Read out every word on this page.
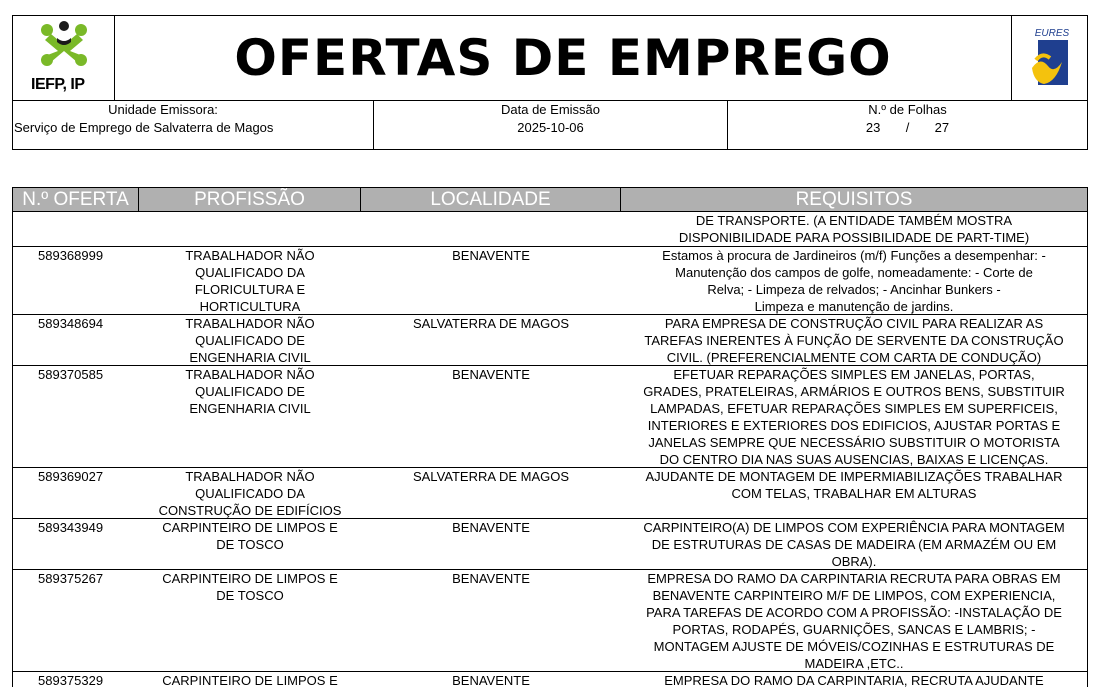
IEFP, IP	OFERTAS DE EMPREGO	EURES
Unidade Emissora:
Serviço de Emprego de Salvaterra de Magos
Data de Emissão
2025-10-06
N.º de Folhas
23 / 27
N.º OFERTA	PROFISSÃO	LOCALIDADE	REQUISITOS
DE TRANSPORTE. (A ENTIDADE TAMBÉM MOSTRA
DISPONIBILIDADE PARA POSSIBILIDADE DE PART-TIME)
589368999	TRABALHADOR NÃO
QUALIFICADO DA
FLORICULTURA E
HORTICULTURA
BENAVENTE	Estamos à procura de Jardineiros (m/f) Funções a desempenhar: -
Manutenção dos campos de golfe, nomeadamente: - Corte de
Relva; - Limpeza de relvados; - Ancinhar Bunkers -
Limpeza e manutenção de jardins.
589348694	TRABALHADOR NÃO
QUALIFICADO DE
ENGENHARIA CIVIL
SALVATERRA DE MAGOS	PARA EMPRESA DE CONSTRUÇÃO CIVIL PARA REALIZAR AS
TAREFAS INERENTES À FUNÇÃO DE SERVENTE DA CONSTRUÇÃO
CIVIL. (PREFERENCIALMENTE COM CARTA DE CONDUÇÃO)
589370585	TRABALHADOR NÃO
QUALIFICADO DE
ENGENHARIA CIVIL
BENAVENTE	EFETUAR REPARAÇÕES SIMPLES EM JANELAS, PORTAS,
GRADES, PRATELEIRAS, ARMÁRIOS E OUTROS BENS, SUBSTITUIR
LAMPADAS, EFETUAR REPARAÇÕES SIMPLES EM SUPERFICEIS,
INTERIORES E EXTERIORES DOS EDIFICIOS, AJUSTAR PORTAS E
JANELAS SEMPRE QUE NECESSÁRIO SUBSTITUIR O MOTORISTA
DO CENTRO DIA NAS SUAS AUSENCIAS, BAIXAS E LICENÇAS.
589369027	TRABALHADOR NÃO
QUALIFICADO DA
CONSTRUÇÃO DE EDIFÍCIOS
SALVATERRA DE MAGOS	AJUDANTE DE MONTAGEM DE IMPERMIABILIZAÇÕES TRABALHAR
COM TELAS, TRABALHAR EM ALTURAS
589343949	CARPINTEIRO DE LIMPOS E
DE TOSCO
BENAVENTE	CARPINTEIRO(A) DE LIMPOS COM EXPERIÊNCIA PARA MONTAGEM
DE ESTRUTURAS DE CASAS DE MADEIRA (EM ARMAZÉM OU EM
OBRA).
589375267	CARPINTEIRO DE LIMPOS E
DE TOSCO
BENAVENTE	EMPRESA DO RAMO DA CARPINTARIA RECRUTA PARA OBRAS EM
BENAVENTE CARPINTEIRO M/F DE LIMPOS, COM EXPERIENCIA,
PARA TAREFAS DE ACORDO COM A PROFISSÃO: -INSTALAÇÃO DE
PORTAS, RODAPÉS, GUARNIÇÕES, SANCAS E LAMBRIS; -
MONTAGEM AJUSTE DE MÓVEIS/COZINHAS E ESTRUTURAS DE
MADEIRA ,ETC..
589375329	CARPINTEIRO DE LIMPOS E	BENAVENTE	EMPRESA DO RAMO DA CARPINTARIA, RECRUTA AJUDANTE
